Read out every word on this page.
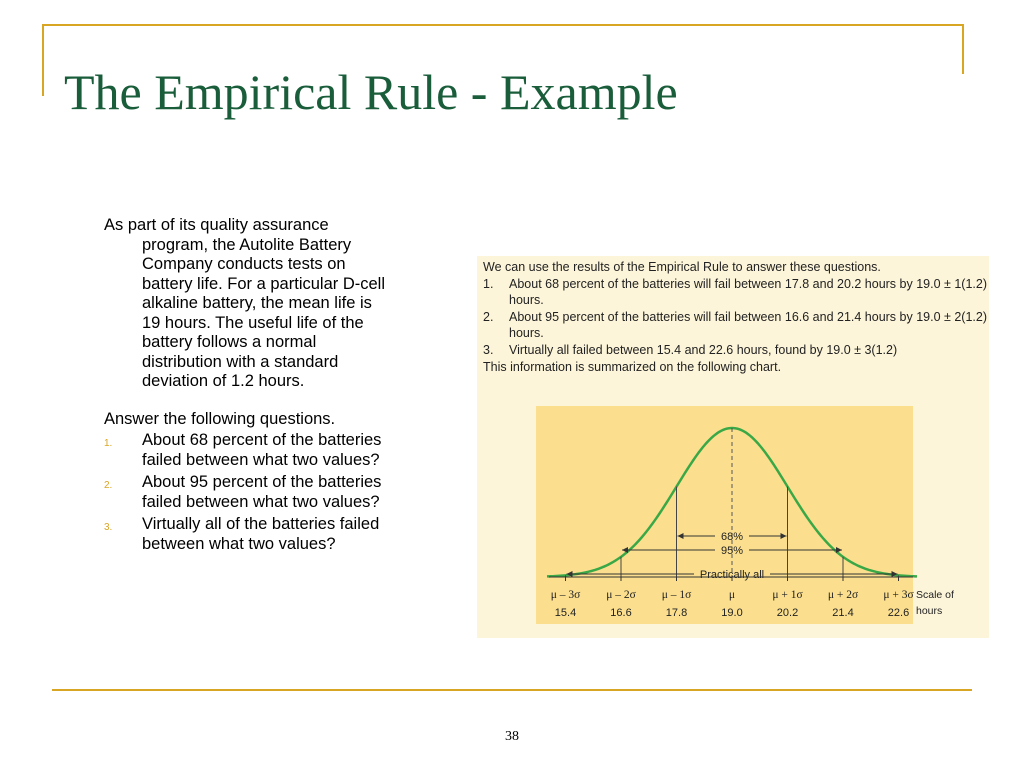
The Empirical Rule - Example

As part of its quality assurance program, the Autolite Battery Company conducts tests on battery life. For a particular D-cell alkaline battery, the mean life is 19 hours. The useful life of the battery follows a normal distribution with a standard deviation of 1.2 hours.

Answer the following questions.

1. About 68 percent of the batteries failed between what two values?
2. About 95 percent of the batteries failed between what two values?
3. Virtually all of the batteries failed between what two values?

We can use the results of the Empirical Rule to answer these questions.

1. About 68 percent of the batteries will fail between 17.8 and 20.2 hours by 19.0 ± 1(1.2) hours.
2. About 95 percent of the batteries will fail between 16.6 and 21.4 hours by 19.0 ± 2(1.2) hours.
3. Virtually all failed between 15.4 and 22.6 hours, found by 19.0 ± 3(1.2)

This information is summarized on the following chart.

68%
95%
Practically all
μ – 3σ
15.4
μ – 2σ
16.6
μ – 1σ
17.8
μ
19.0
μ + 1σ
20.2
μ + 2σ
21.4
μ + 3σ
22.6
Scale of
hours
38
